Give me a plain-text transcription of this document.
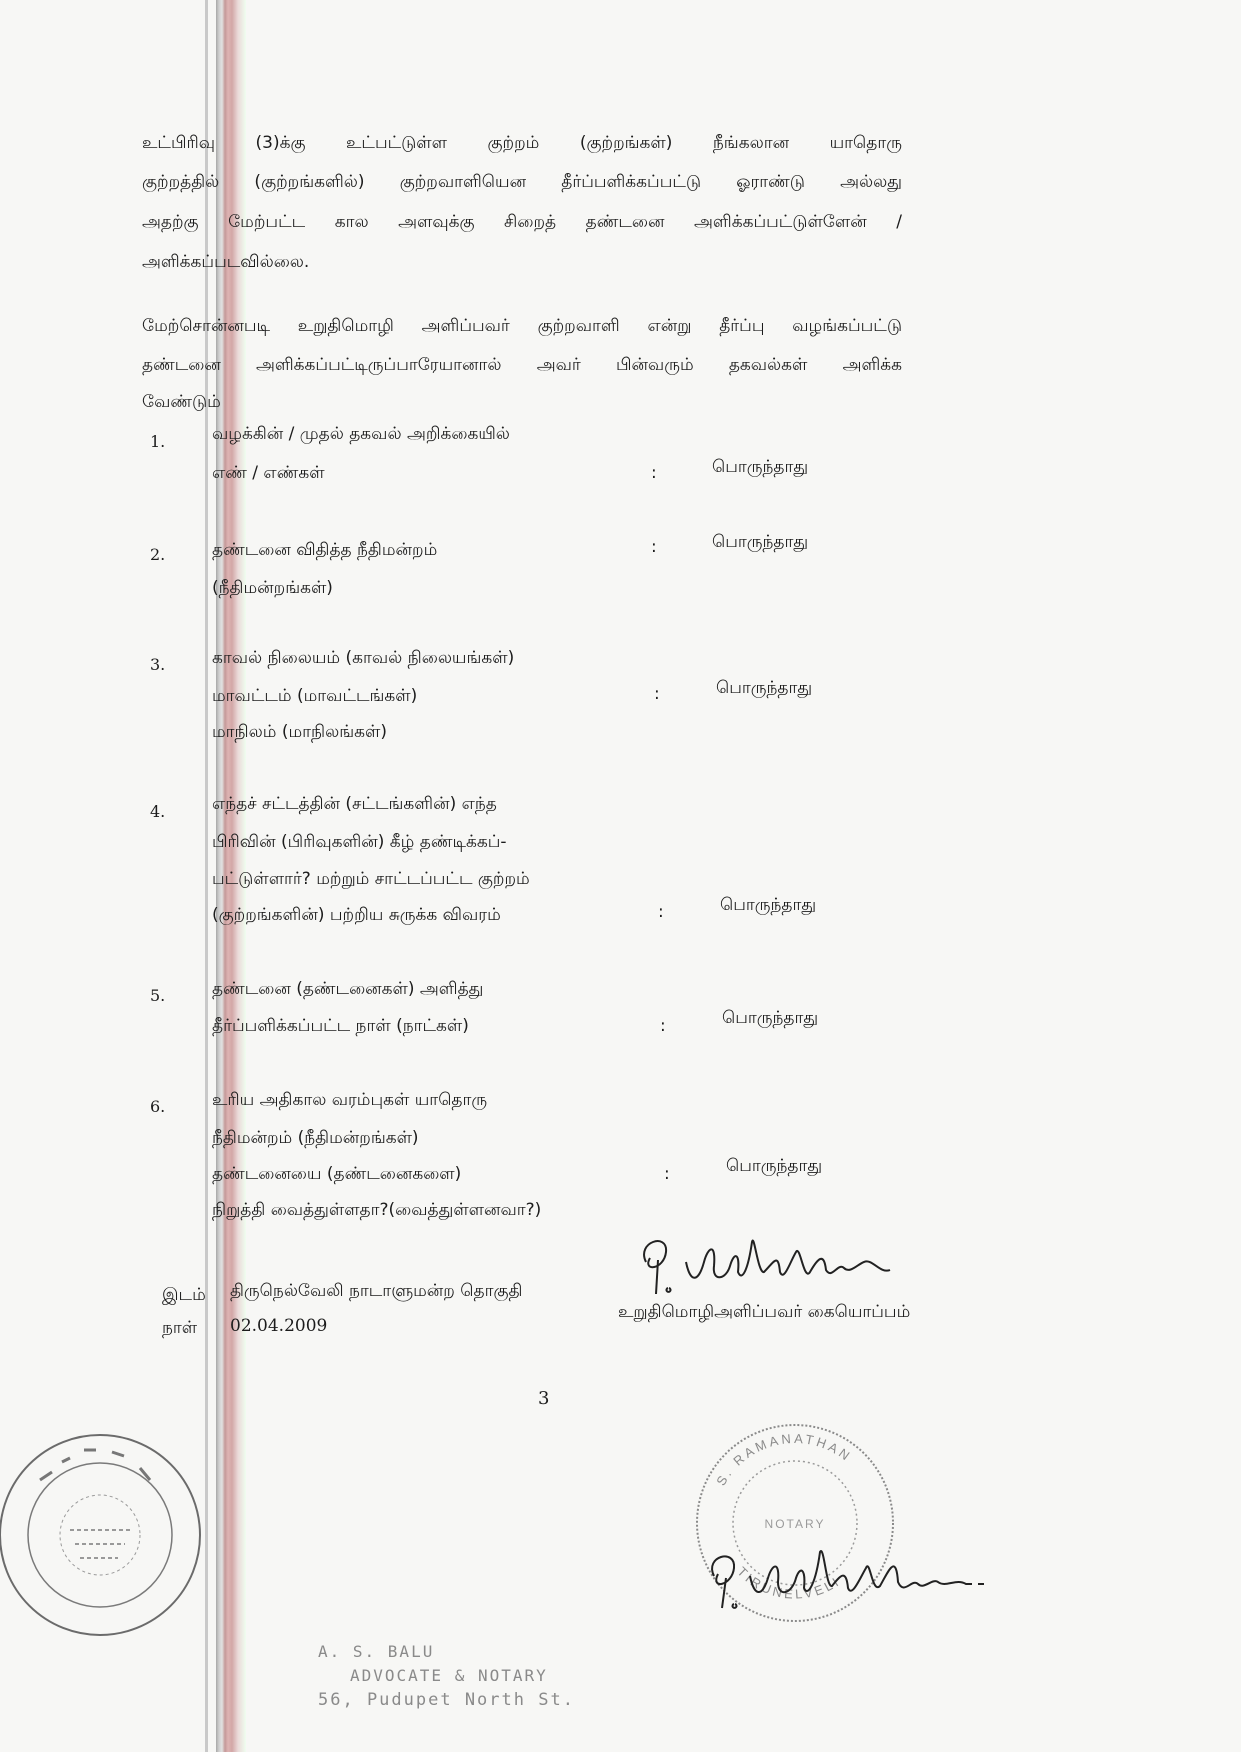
உட்பிரிவு (3)க்கு உட்பட்டுள்ள குற்றம் (குற்றங்கள்) நீங்கலான யாதொரு
குற்றத்தில் (குற்றங்களில்) குற்றவாளியென தீர்ப்பளிக்கப்பட்டு ஓராண்டு அல்லது
அதற்கு மேற்பட்ட கால அளவுக்கு சிறைத் தண்டனை அளிக்கப்பட்டுள்ளேன் /
அளிக்கப்படவில்லை.
மேற்சொன்னபடி உறுதிமொழி அளிப்பவர் குற்றவாளி என்று தீர்ப்பு வழங்கப்பட்டு
தண்டனை அளிக்கப்பட்டிருப்பாரேயானால் அவர் பின்வரும் தகவல்கள் அளிக்க
வேண்டும்
1.	வழக்கின் / முதல் தகவல் அறிக்கையில்
எண் / எண்கள்	:	பொருந்தாது
2.	தண்டனை விதித்த நீதிமன்றம்
(நீதிமன்றங்கள்)
:	பொருந்தாது
3.	காவல் நிலையம் (காவல் நிலையங்கள்)
மாவட்டம் (மாவட்டங்கள்)
மாநிலம் (மாநிலங்கள்)
:	பொருந்தாது
4.	எந்தச் சட்டத்தின் (சட்டங்களின்) எந்த
பிரிவின் (பிரிவுகளின்) கீழ் தண்டிக்கப்-
பட்டுள்ளார்? மற்றும் சாட்டப்பட்ட குற்றம்
(குற்றங்களின்) பற்றிய சுருக்க விவரம்	:	பொருந்தாது
5.	தண்டனை (தண்டனைகள்) அளித்து
தீர்ப்பளிக்கப்பட்ட நாள் (நாட்கள்)	:	பொருந்தாது
6.	உரிய அதிகால வரம்புகள் யாதொரு
நீதிமன்றம் (நீதிமன்றங்கள்)
தண்டனையை (தண்டனைகளை)
நிறுத்தி வைத்துள்ளதா?(வைத்துள்ளனவா?)
:	பொருந்தாது
இடம் திருநெல்வேலி நாடாளுமன்ற தொகுதி
நாள் 02.04.2009
உறுதிமொழிஅளிப்பவர் கையொப்பம்
3
S. RAMANATHAN
TIRUNELVELI
NOTARY
A. S. BALU
ADVOCATE & NOTARY
56, Pudupet North St.
